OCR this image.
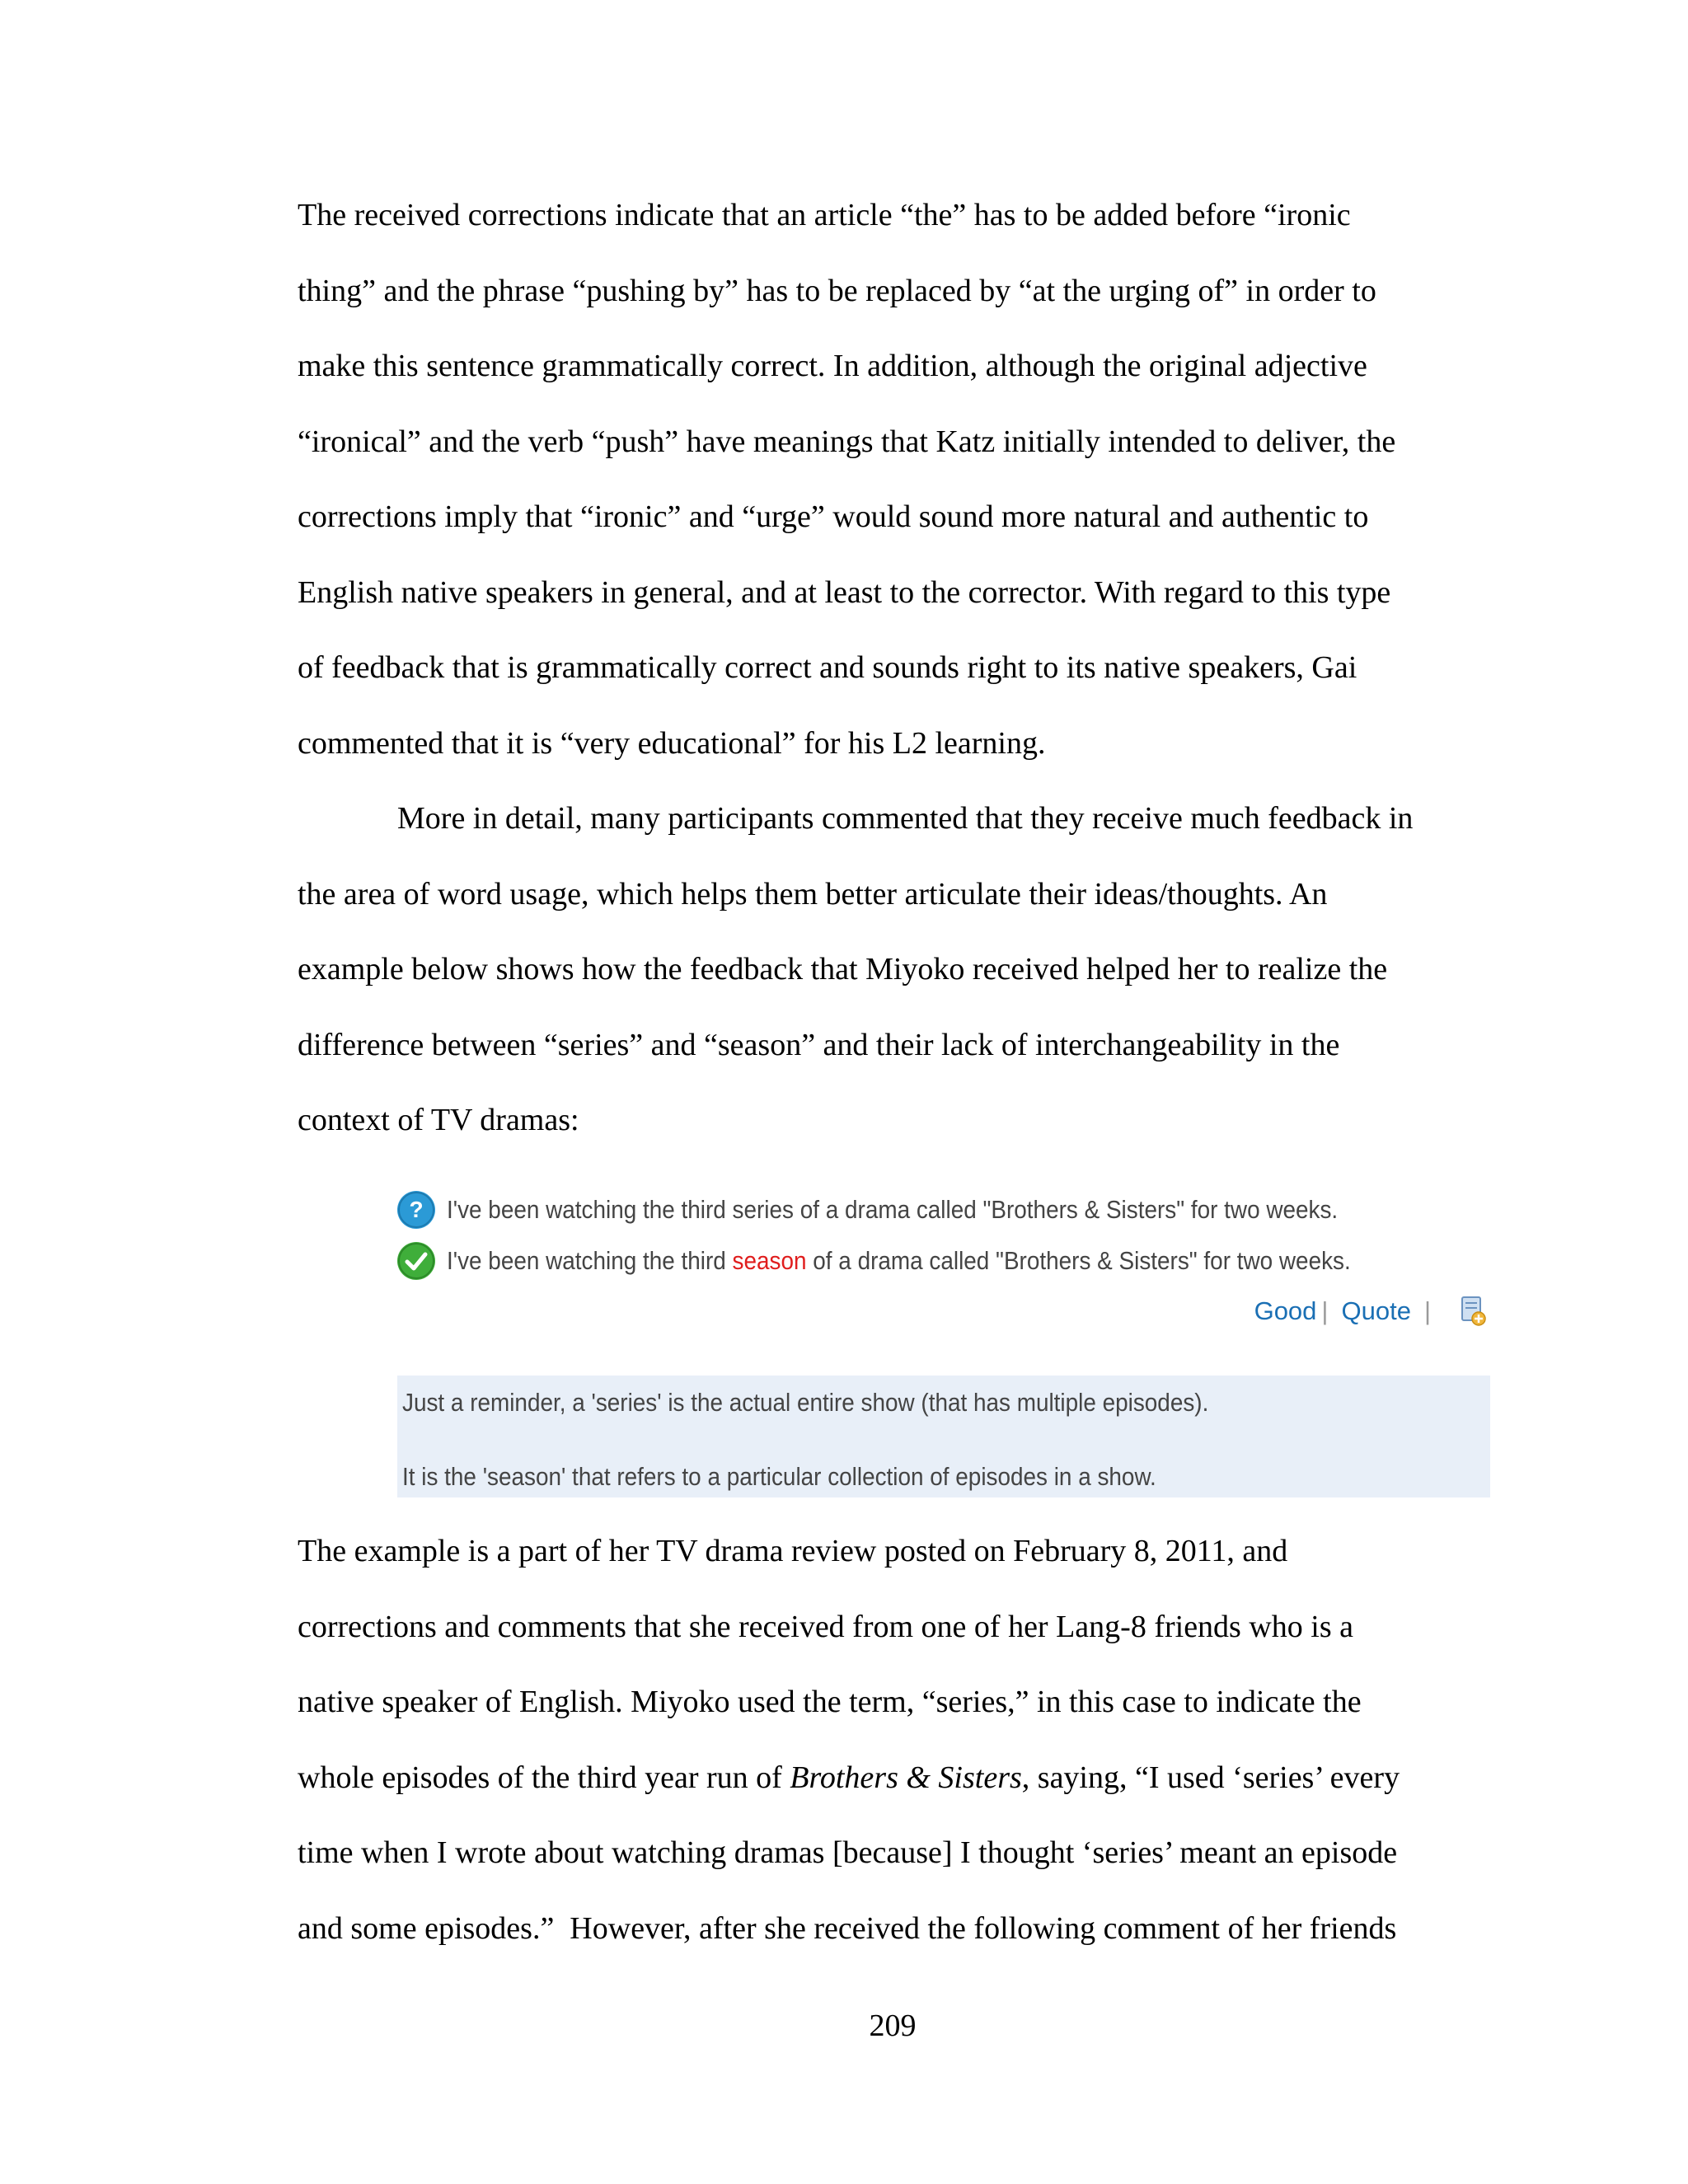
The received corrections indicate that an article “the” has to be added before “ironic
thing” and the phrase “pushing by” has to be replaced by “at the urging of” in order to
make this sentence grammatically correct. In addition, although the original adjective
“ironical” and the verb “push” have meanings that Katz initially intended to deliver, the
corrections imply that “ironic” and “urge” would sound more natural and authentic to
English native speakers in general, and at least to the corrector. With regard to this type
of feedback that is grammatically correct and sounds right to its native speakers, Gai
commented that it is “very educational” for his L2 learning.
More in detail, many participants commented that they receive much feedback in
the area of word usage, which helps them better articulate their ideas/thoughts. An
example below shows how the feedback that Miyoko received helped her to realize the
difference between “series” and “season” and their lack of interchangeability in the
context of TV dramas:
? I've been watching the third series of a drama called "Brothers & Sisters" for two weeks.
I've been watching the third season of a drama called "Brothers & Sisters" for two weeks.
Good | Quote |
Just a reminder, a 'series' is the actual entire show (that has multiple episodes).
It is the 'season' that refers to a particular collection of episodes in a show.
The example is a part of her TV drama review posted on February 8, 2011, and
corrections and comments that she received from one of her Lang-8 friends who is a
native speaker of English. Miyoko used the term, “series,” in this case to indicate the
whole episodes of the third year run of Brothers & Sisters, saying, “I used ‘series’ every
time when I wrote about watching dramas [because] I thought ‘series’ meant an episode
and some episodes.”  However, after she received the following comment of her friends
209
